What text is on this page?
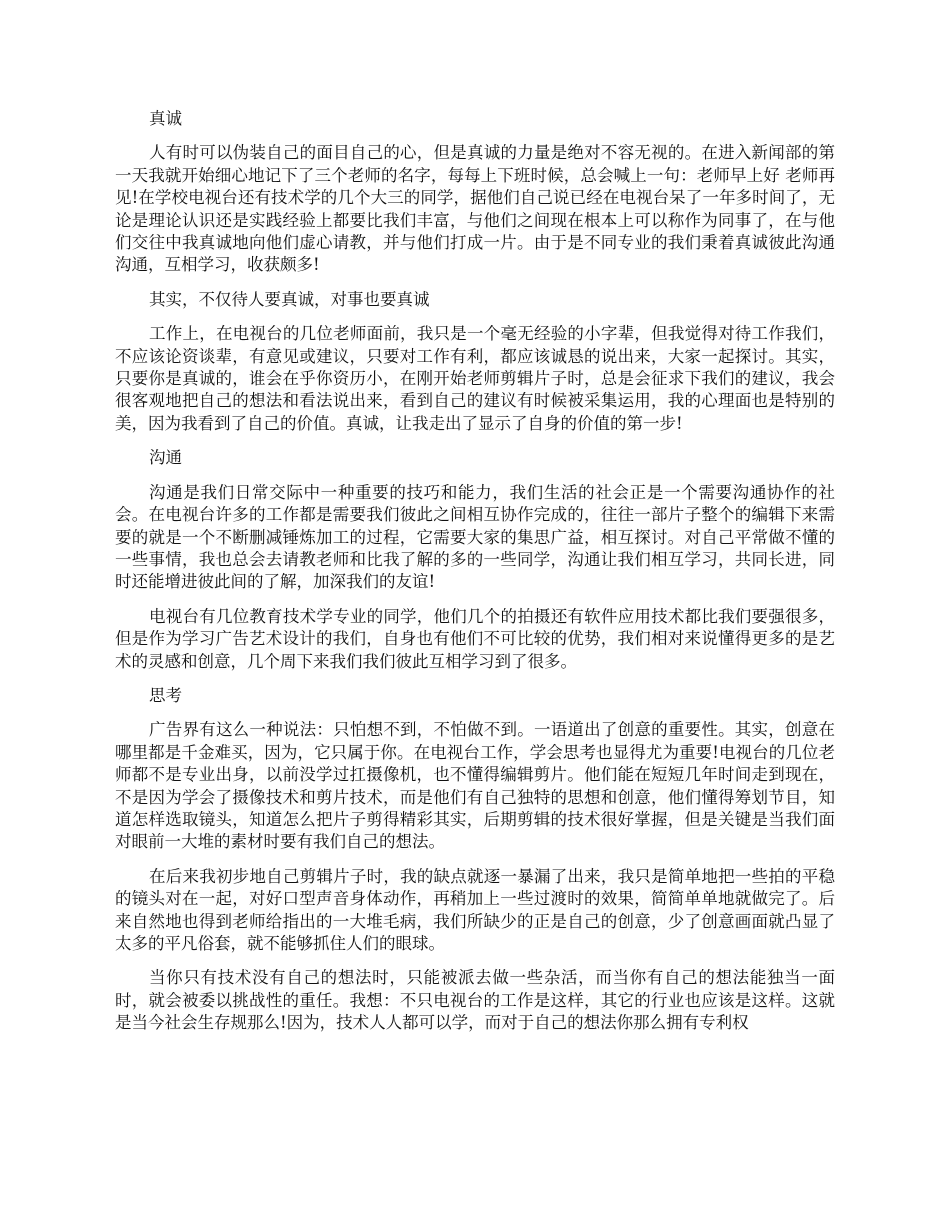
真诚

人有时可以伪装自己的面目自己的心，但是真诚的力量是绝对不容无视的。在进入新闻部的第一天我就开始细心地记下了三个老师的名字，每每上下班时候，总会喊上一句：老师早上好 老师再见!在学校电视台还有技术学的几个大三的同学，据他们自己说已经在电视台呆了一年多时间了，无论是理论认识还是实践经验上都要比我们丰富，与他们之间现在根本上可以称作为同事了，在与他们交往中我真诚地向他们虚心请教，并与他们打成一片。由于是不同专业的我们秉着真诚彼此沟通沟通，互相学习，收获颇多!

其实，不仅待人要真诚，对事也要真诚

工作上，在电视台的几位老师面前，我只是一个毫无经验的小字辈，但我觉得对待工作我们，不应该论资谈辈，有意见或建议，只要对工作有利，都应该诚恳的说出来，大家一起探讨。其实，只要你是真诚的，谁会在乎你资历小，在刚开始老师剪辑片子时，总是会征求下我们的建议，我会很客观地把自己的想法和看法说出来，看到自己的建议有时候被采集运用，我的心理面也是特别的美，因为我看到了自己的价值。真诚，让我走出了显示了自身的价值的第一步!

沟通

沟通是我们日常交际中一种重要的技巧和能力，我们生活的社会正是一个需要沟通协作的社会。在电视台许多的工作都是需要我们彼此之间相互协作完成的，往往一部片子整个的编辑下来需要的就是一个不断删减锤炼加工的过程，它需要大家的集思广益，相互探讨。对自己平常做不懂的一些事情，我也总会去请教老师和比我了解的多的一些同学，沟通让我们相互学习，共同长进，同时还能增进彼此间的了解，加深我们的友谊!

电视台有几位教育技术学专业的同学，他们几个的拍摄还有软件应用技术都比我们要强很多，但是作为学习广告艺术设计的我们，自身也有他们不可比较的优势，我们相对来说懂得更多的是艺术的灵感和创意，几个周下来我们我们彼此互相学习到了很多。

思考

广告界有这么一种说法：只怕想不到，不怕做不到。一语道出了创意的重要性。其实，创意在哪里都是千金难买，因为，它只属于你。在电视台工作，学会思考也显得尤为重要!电视台的几位老师都不是专业出身，以前没学过扛摄像机，也不懂得编辑剪片。他们能在短短几年时间走到现在，不是因为学会了摄像技术和剪片技术，而是他们有自己独特的思想和创意，他们懂得筹划节目，知道怎样选取镜头，知道怎么把片子剪得精彩其实，后期剪辑的技术很好掌握，但是关键是当我们面对眼前一大堆的素材时要有我们自己的想法。

在后来我初步地自己剪辑片子时，我的缺点就逐一暴漏了出来，我只是简单地把一些拍的平稳的镜头对在一起，对好口型声音身体动作，再稍加上一些过渡时的效果，简简单单地就做完了。后来自然地也得到老师给指出的一大堆毛病，我们所缺少的正是自己的创意，少了创意画面就凸显了太多的平凡俗套，就不能够抓住人们的眼球。

当你只有技术没有自己的想法时，只能被派去做一些杂活，而当你有自己的想法能独当一面时，就会被委以挑战性的重任。我想：不只电视台的工作是这样，其它的行业也应该是这样。这就是当今社会生存规那么!因为，技术人人都可以学，而对于自己的想法你那么拥有专利权
